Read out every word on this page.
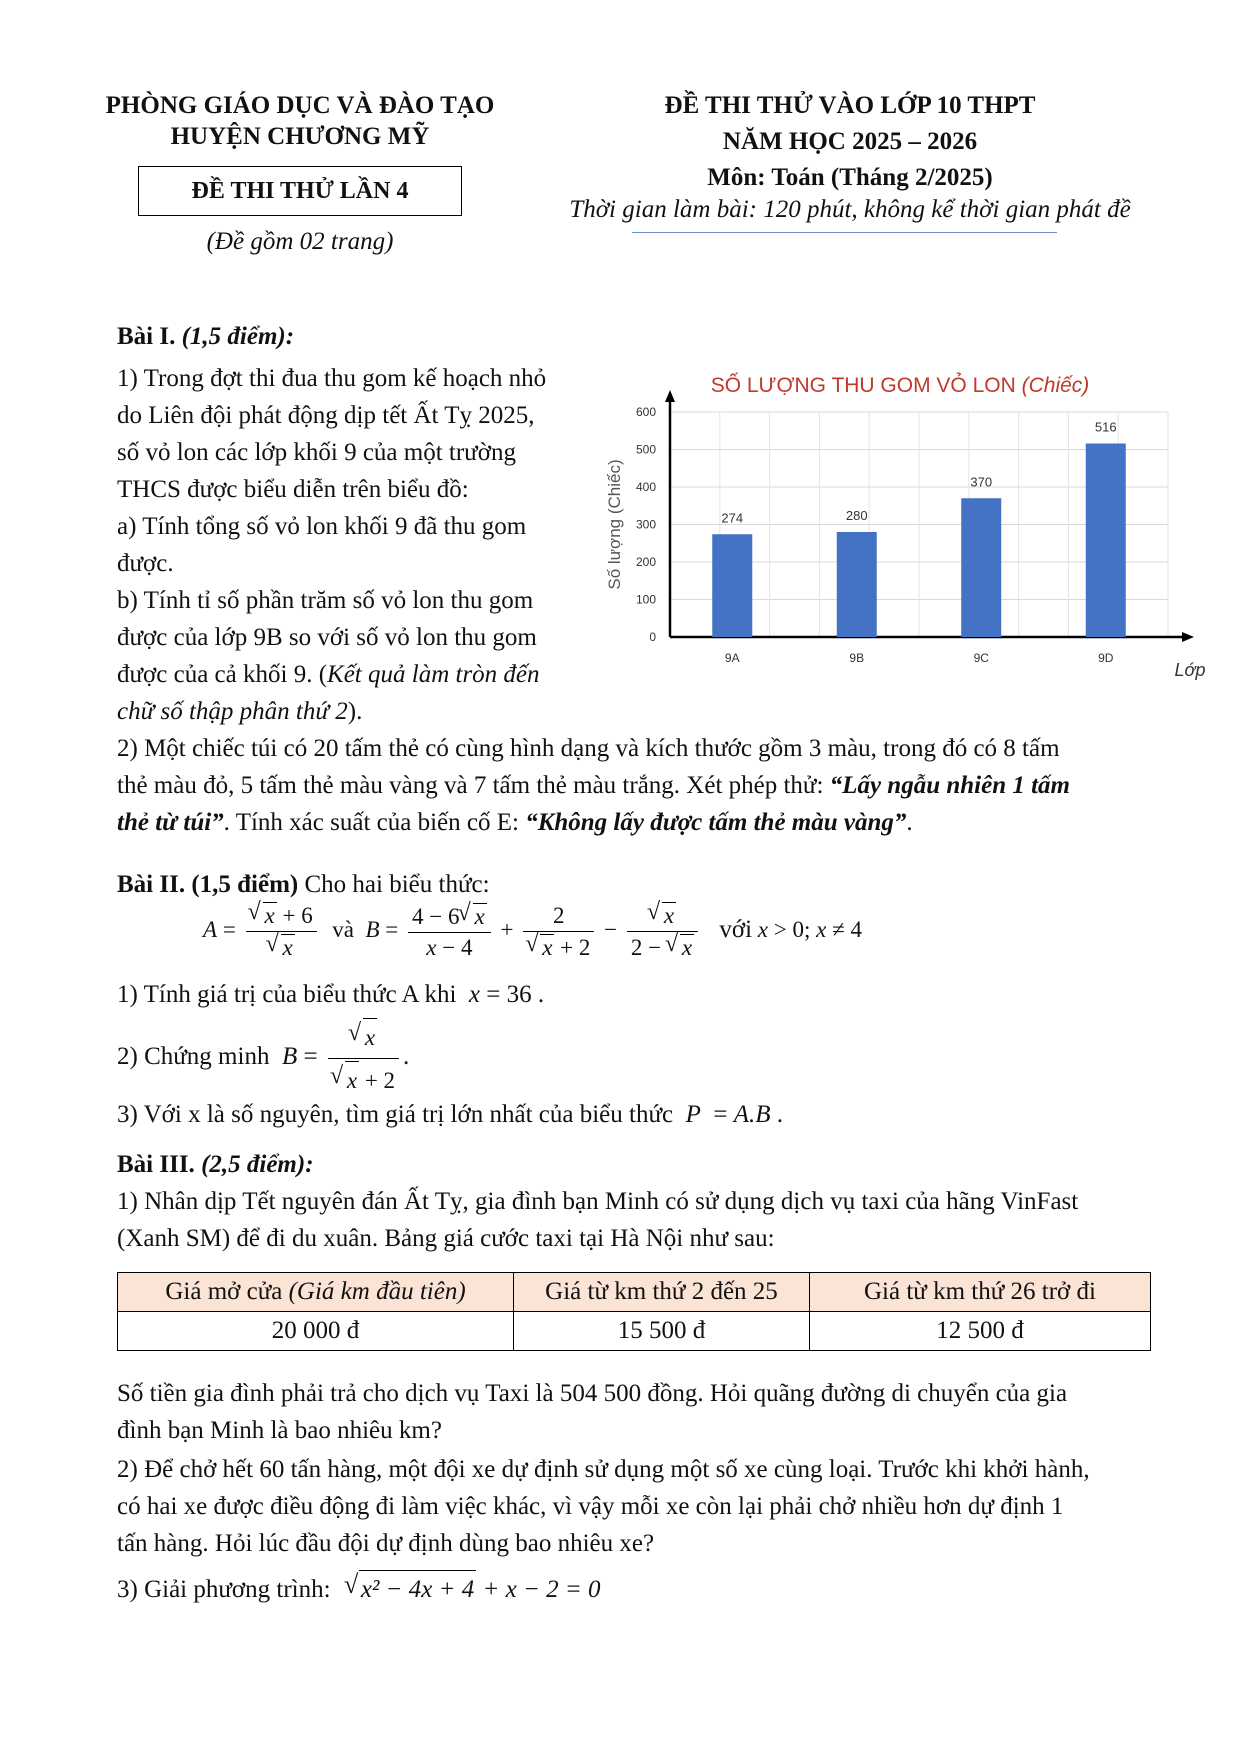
PHÒNG GIÁO DỤC VÀ ĐÀO TẠO
HUYỆN CHƯƠNG MỸ
ĐỀ THI THỬ LẦN 4
(Đề gồm 02 trang)
ĐỀ THI THỬ VÀO LỚP 10 THPT
NĂM HỌC 2025 – 2026
Môn: Toán (Tháng 2/2025)
Thời gian làm bài: 120 phút, không kể thời gian phát đề
Bài I. (1,5 điểm):
1) Trong đợt thi đua thu gom kế hoạch nhỏ
do Liên đội phát động dịp tết Ất Tỵ 2025,
số vỏ lon các lớp khối 9 của một trường
THCS được biểu diễn trên biểu đồ:
a) Tính tổng số vỏ lon khối 9 đã thu gom
được.
b) Tính tỉ số phần trăm số vỏ lon thu gom
được của lớp 9B so với số vỏ lon thu gom
được của cả khối 9. (Kết quả làm tròn đến
chữ số thập phân thứ 2).
SỐ LƯỢNG THU GOM VỎ LON (Chiếc)
0
100
200
300
400
500
600
274
9A
280
9B
370
9C
516
9D
Số lượng (Chiếc)
Lớp
2) Một chiếc túi có 20 tấm thẻ có cùng hình dạng và kích thước gồm 3 màu, trong đó có 8 tấm
thẻ màu đỏ, 5 tấm thẻ màu vàng và 7 tấm thẻ màu trắng. Xét phép thử: “Lấy ngẫu nhiên 1 tấm
thẻ từ túi”. Tính xác suất của biến cố E: “Không lấy được tấm thẻ màu vàng”.
Bài II. (1,5 điểm) Cho hai biểu thức:
A = √ x + 6
√ x và $B = \frac{4 - 6 √ x}{x - 4} + 2$
√ x + 2 − √ $\frac{x}{2 - √ x}$ với x > 0; x ≠ 4
1) Tính giá trị của biểu thức A khi  x = 36 .
2) Chứng minh  B = √ x
√ x + 2 .
3) Với x là số nguyên, tìm giá trị lớn nhất của biểu thức  P  = A.B .
Bài III. (2,5 điểm):
1) Nhân dịp Tết nguyên đán Ất Tỵ, gia đình bạn Minh có sử dụng dịch vụ taxi của hãng VinFast
(Xanh SM) để đi du xuân. Bảng giá cước taxi tại Hà Nội như sau:
Giá mở cửa (Giá km đầu tiên)	Giá từ km thứ 2 đến 25	Giá từ km thứ 26 trở đi
20 000 đ	15 500 đ	12 500 đ
Số tiền gia đình phải trả cho dịch vụ Taxi là 504 500 đồng. Hỏi quãng đường di chuyển của gia
đình bạn Minh là bao nhiêu km?
2) Để chở hết 60 tấn hàng, một đội xe dự định sử dụng một số xe cùng loại. Trước khi khởi hành,
có hai xe được điều động đi làm việc khác, vì vậy mỗi xe còn lại phải chở nhiều hơn dự định 1
tấn hàng. Hỏi lúc đầu đội dự định dùng bao nhiêu xe?
3) Giải phương trình: √ x² − 4x + 4 + x − 2 = 0
